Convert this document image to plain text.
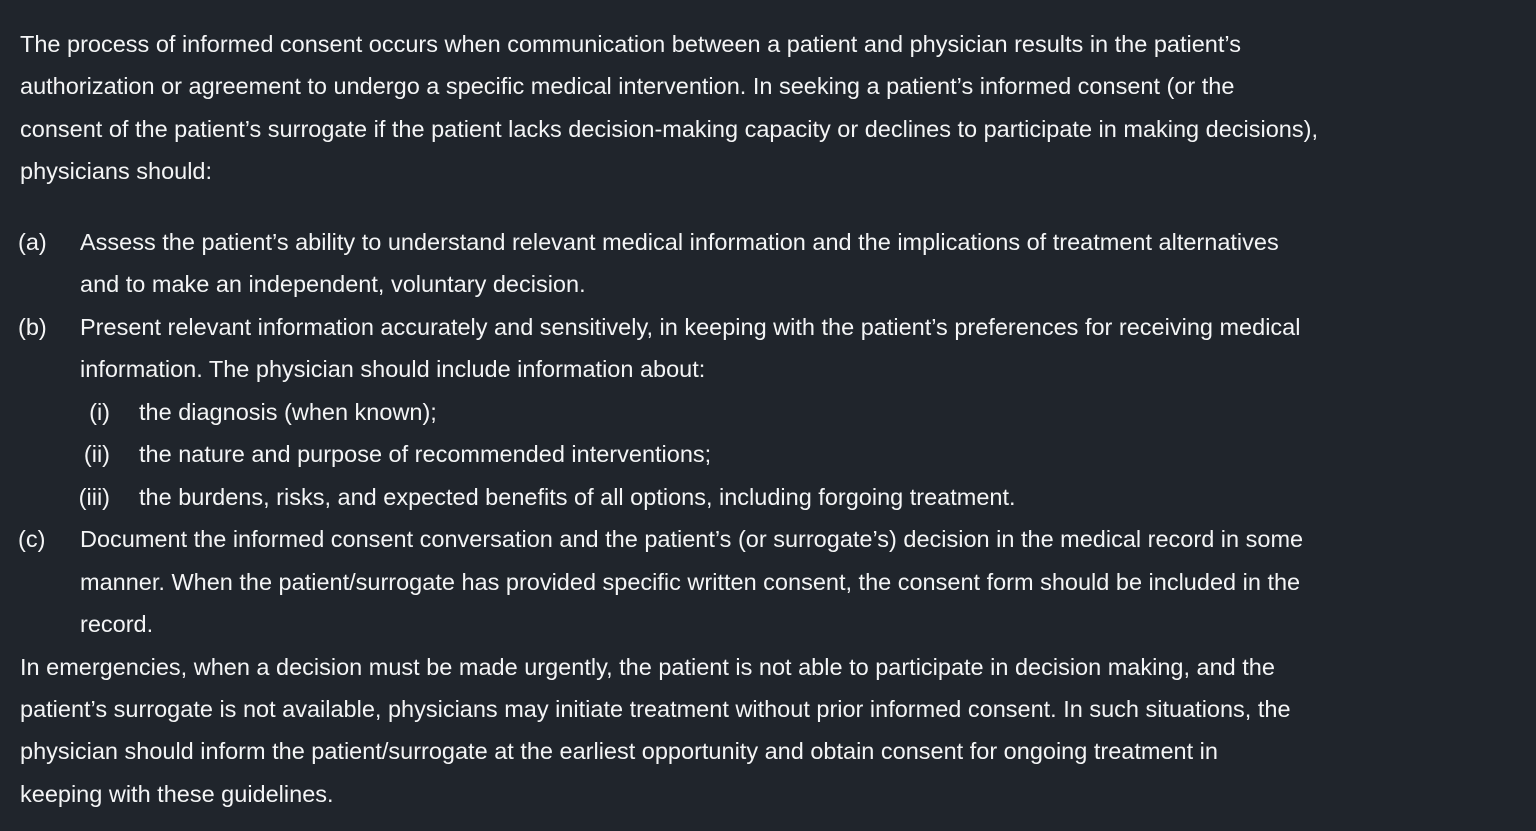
The process of informed consent occurs when communication between a patient and physician results in the patient’s
authorization or agreement to undergo a specific medical intervention. In seeking a patient’s informed consent (or the
consent of the patient’s surrogate if the patient lacks decision-making capacity or declines to participate in making decisions),
physicians should:
(a) Assess the patient’s ability to understand relevant medical information and the implications of treatment alternatives
and to make an independent, voluntary decision.
(b) Present relevant information accurately and sensitively, in keeping with the patient’s preferences for receiving medical
information. The physician should include information about:
(i) the diagnosis (when known);
(ii) the nature and purpose of recommended interventions;
(iii) the burdens, risks, and expected benefits of all options, including forgoing treatment.
(c) Document the informed consent conversation and the patient’s (or surrogate’s) decision in the medical record in some
manner. When the patient/surrogate has provided specific written consent, the consent form should be included in the
record.
In emergencies, when a decision must be made urgently, the patient is not able to participate in decision making, and the
patient’s surrogate is not available, physicians may initiate treatment without prior informed consent. In such situations, the
physician should inform the patient/surrogate at the earliest opportunity and obtain consent for ongoing treatment in
keeping with these guidelines.
